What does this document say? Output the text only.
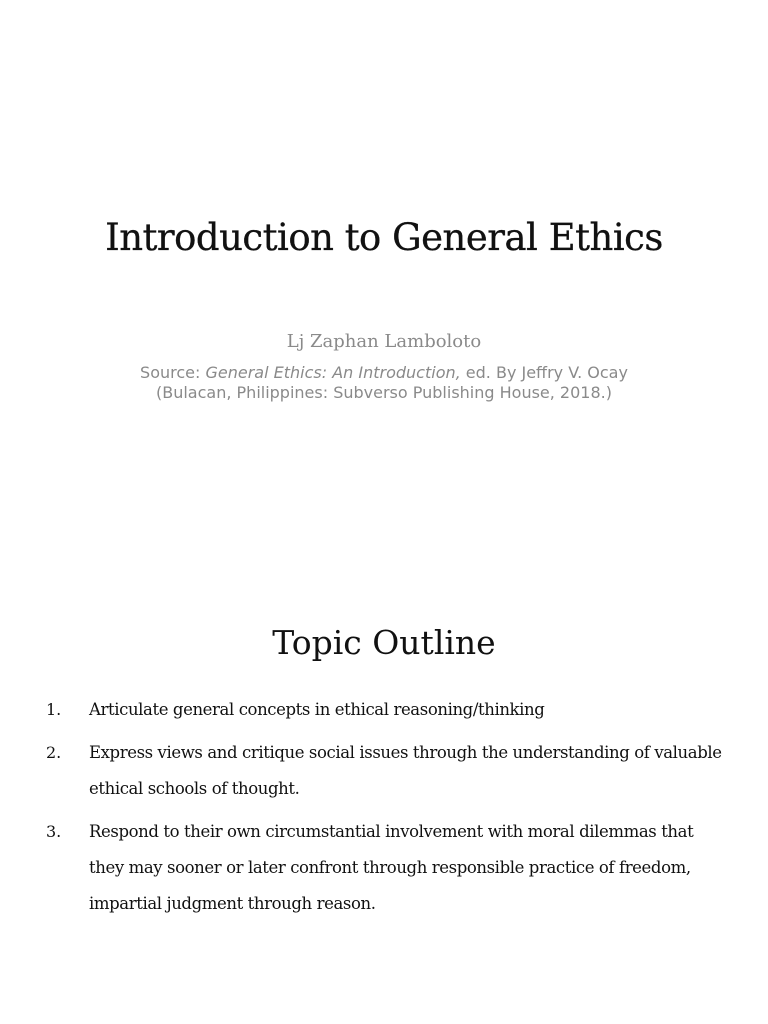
Introduction to General Ethics
Lj Zaphan Lamboloto
Source: General Ethics: An Introduction, ed. By Jeffry V. Ocay
(Bulacan, Philippines: Subverso Publishing House, 2018.)
Topic Outline
1. Articulate general concepts in ethical reasoning/thinking
2. Express views and critique social issues through the understanding of valuable ethical schools of thought.
3. Respond to their own circumstantial involvement with moral dilemmas that they may sooner or later confront through responsible practice of freedom, impartial judgment through reason.
